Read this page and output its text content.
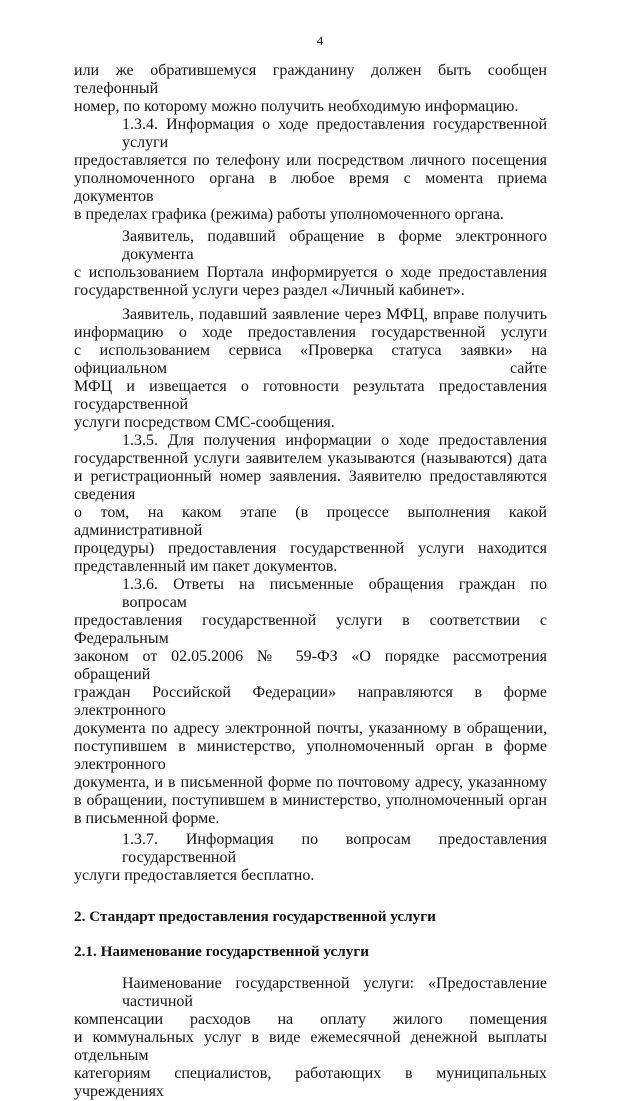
4
или же обратившемуся гражданину должен быть сообщен телефонный
номер, по которому можно получить необходимую информацию.
1.3.4. Информация о ходе предоставления государственной услуги
предоставляется по телефону или посредством личного посещения
уполномоченного органа в любое время с момента приема документов
в пределах графика (режима) работы уполномоченного органа.
Заявитель, подавший обращение в форме электронного документа
с использованием Портала информируется о ходе предоставления
государственной услуги через раздел «Личный кабинет».
Заявитель, подавший заявление через МФЦ, вправе получить
информацию о ходе предоставления государственной услуги
с использованием сервиса «Проверка статуса заявки» на официальном сайте
МФЦ и извещается о готовности результата предоставления государственной
услуги посредством СМС-сообщения.
1.3.5. Для получения информации о ходе предоставления
государственной услуги заявителем указываются (называются) дата
и регистрационный номер заявления. Заявителю предоставляются сведения
о том, на каком этапе (в процессе выполнения какой административной
процедуры) предоставления государственной услуги находится
представленный им пакет документов.
1.3.6. Ответы на письменные обращения граждан по вопросам
предоставления государственной услуги в соответствии с Федеральным
законом от 02.05.2006 № 59-ФЗ «О порядке рассмотрения обращений
граждан Российской Федерации» направляются в форме электронного
документа по адресу электронной почты, указанному в обращении,
поступившем в министерство, уполномоченный орган в форме электронного
документа, и в письменной форме по почтовому адресу, указанному
в обращении, поступившем в министерство, уполномоченный орган
в письменной форме.
1.3.7. Информация по вопросам предоставления государственной
услуги предоставляется бесплатно.
2. Стандарт предоставления государственной услуги
2.1. Наименование государственной услуги
Наименование государственной услуги: «Предоставление частичной
компенсации расходов на оплату жилого помещения
и коммунальных услуг в виде ежемесячной денежной выплаты отдельным
категориям специалистов, работающих в муниципальных учреждениях
